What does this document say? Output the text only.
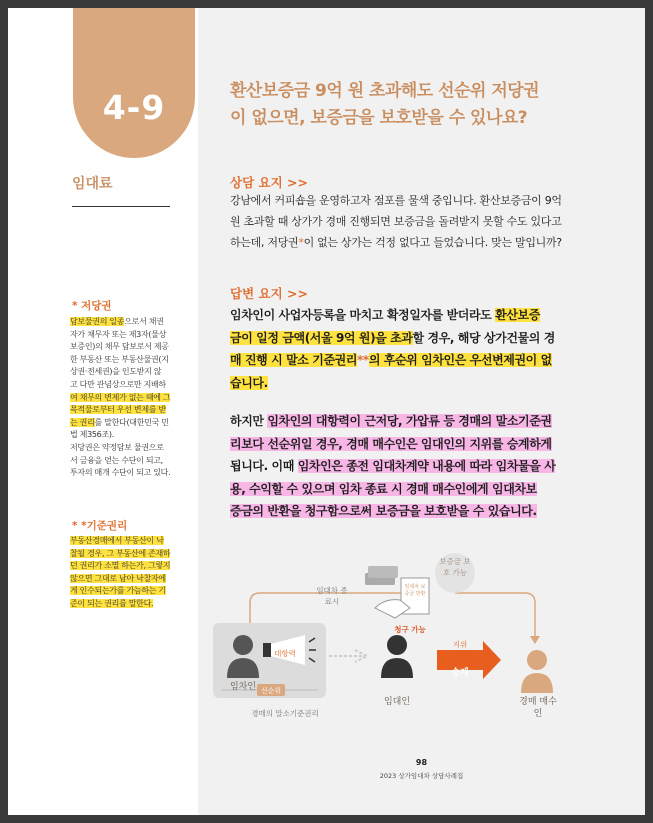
4-9
임대료
* 저당권
담보물권의 일종으로서 채권
자가 채무자 또는 제3자(물상
보증인)의 채무 담보로서 제공
한 부동산 또는 부동산물권(지
상권·전세권)을 인도받지 않
고 다만 관념상으로만 지배하
여 채무의 변제가 없는 때에 그
목적물로부터 우선 변제를 받
는 권리를 말한다(대한민국 민
법 제356조).
저당권은 약정담보 물권으로
서 금융을 얻는 수단이 되고,
투자의 매개 수단이 되고 있다.
* *기준권리
부동산경매에서 부동산이 낙
찰될 경우, 그 부동산에 존재하
던 권리가 소멸 하는가, 그렇지
않으면 그대로 남아 낙찰자에
게 인수되는가를 가늠하는 기
준이 되는 권리를 말한다.
환산보증금 9억 원 초과해도 선순위 저당권
이 없으면, 보증금을 보호받을 수 있나요?
상담 요지 >>
강남에서 커피숍을 운영하고자 점포를 물색 중입니다. 환산보증금이 9억
원 초과할 때 상가가 경매 진행되면 보증금을 돌려받지 못할 수도 있다고
하는데, 저당권*이 없는 상가는 걱정 없다고 들었습니다. 맞는 말입니까?
답변 요지 >>
임차인이 사업자등록을 마치고 확정일자를 받더라도 환산보증
금이 일정 금액(서울 9억 원)을 초과할 경우, 해당 상가건물의 경
매 진행 시 말소 기준권리**의 후순위 임차인은 우선변제권이 없
습니다.
하지만 임차인의 대항력이 근저당, 가압류 등 경매의 말소기준권
리보다 선순위일 경우, 경매 매수인은 임대인의 지위를 승계하게
됩니다. 이때 임차인은 종전 임대차계약 내용에 따라 임차물을 사
용, 수익할 수 있으며 임차 종료 시 경매 매수인에게 임대차보
증금의 반환을 청구함으로써 보증금을 보호받을 수 있습니다.
보증금 보호 가능
임대차 종료시
청구 가능
임대차 보증금 반환
대항력
임차인 선순위
경매의 말소기준권리
임대인
지위
승계
경매 매수인
98
2023 상가임대차 상담사례집
